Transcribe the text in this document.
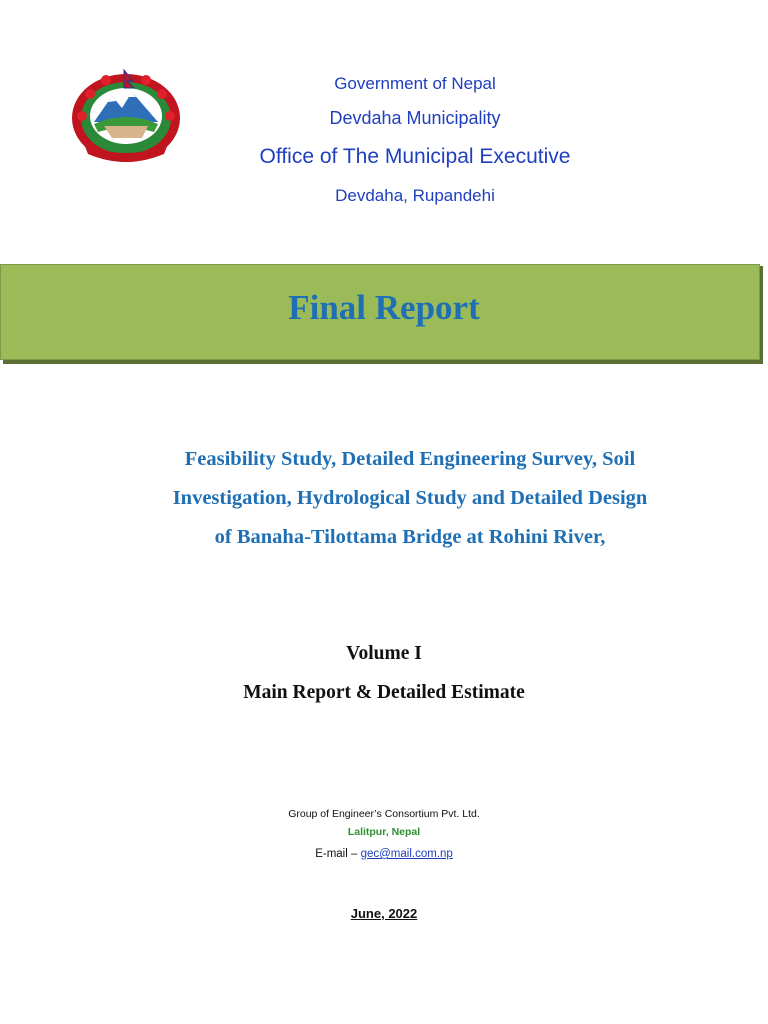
Government of Nepal
Devdaha Municipality
Office of The Municipal Executive
Devdaha, Rupandehi
Final Report
Feasibility Study, Detailed Engineering Survey, Soil
Investigation, Hydrological Study and Detailed Design
of Banaha-Tilottama Bridge at Rohini River,
Volume I
Main Report & Detailed Estimate
Group of Engineer’s Consortium Pvt. Ltd.
Lalitpur, Nepal
E-mail – gec@mail.com.np
June, 2022
